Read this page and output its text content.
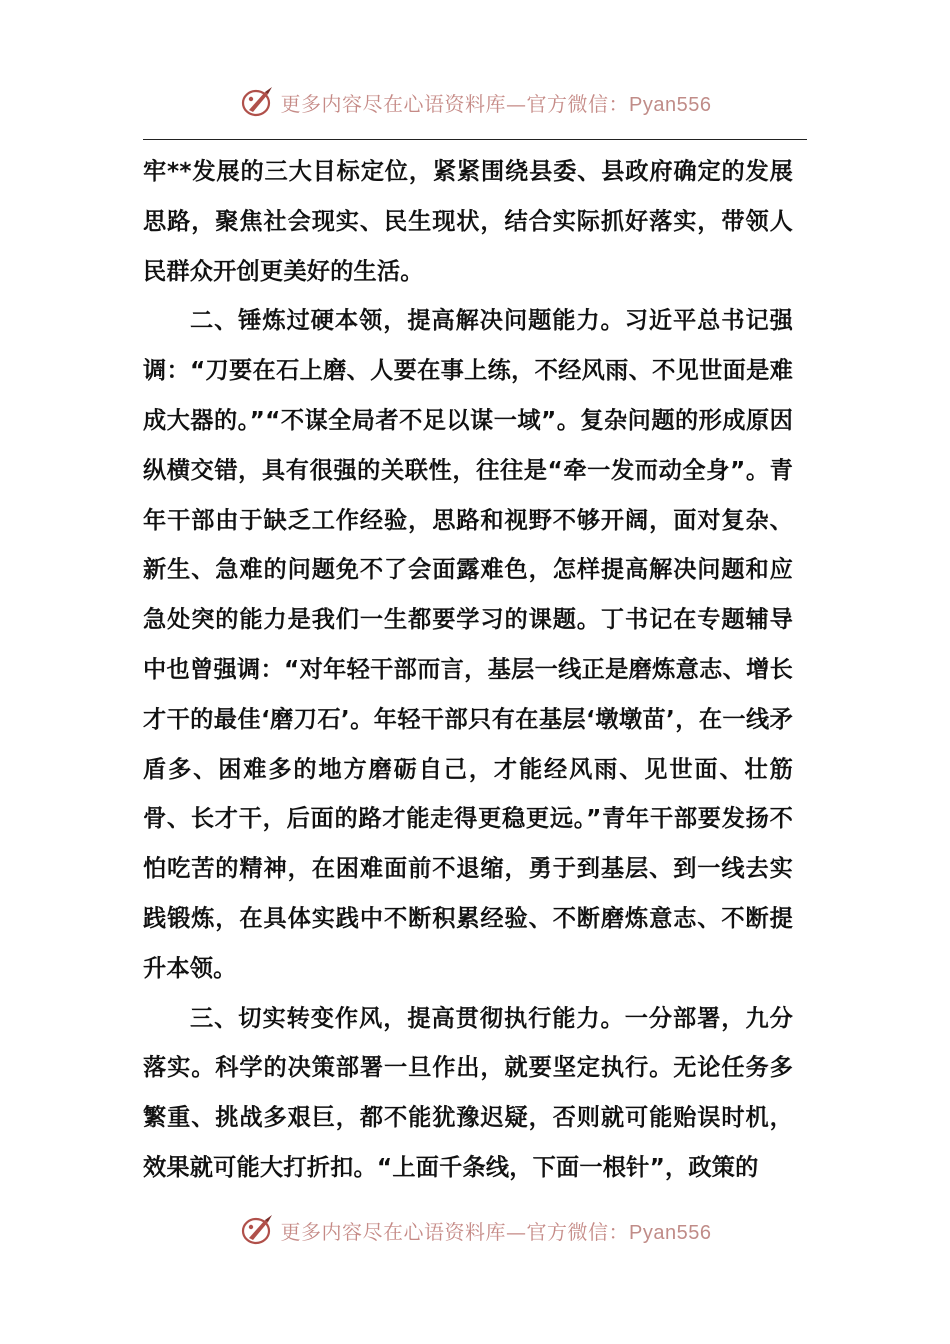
更多内容尽在心语资料库—官方微信：Pyan556

牢**发展的三大目标定位，紧紧围绕县委、县政府确定的发展思路，聚焦社会现实、民生现状，结合实际抓好落实，带领人民群众开创更美好的生活。

二、锤炼过硬本领，提高解决问题能力。习近平总书记强调：“刀要在石上磨、人要在事上练，不经风雨、不见世面是难成大器的。”“不谋全局者不足以谋一域”。复杂问题的形成原因纵横交错，具有很强的关联性，往往是“牵一发而动全身”。青年干部由于缺乏工作经验，思路和视野不够开阔，面对复杂、新生、急难的问题免不了会面露难色，怎样提高解决问题和应急处突的能力是我们一生都要学习的课题。丁书记在专题辅导中也曾强调：“对年轻干部而言，基层一线正是磨炼意志、增长才干的最佳‘磨刀石’。年轻干部只有在基层‘墩墩苗’，在一线矛盾多、困难多的地方磨砺自己，才能经风雨、见世面、壮筋骨、长才干，后面的路才能走得更稳更远。”青年干部要发扬不怕吃苦的精神，在困难面前不退缩，勇于到基层、到一线去实践锻炼，在具体实践中不断积累经验、不断磨炼意志、不断提升本领。

三、切实转变作风，提高贯彻执行能力。一分部署，九分落实。科学的决策部署一旦作出，就要坚定执行。无论任务多繁重、挑战多艰巨，都不能犹豫迟疑，否则就可能贻误时机，效果就可能大打折扣。“上面千条线，下面一根针”，政策的

更多内容尽在心语资料库—官方微信：Pyan556
